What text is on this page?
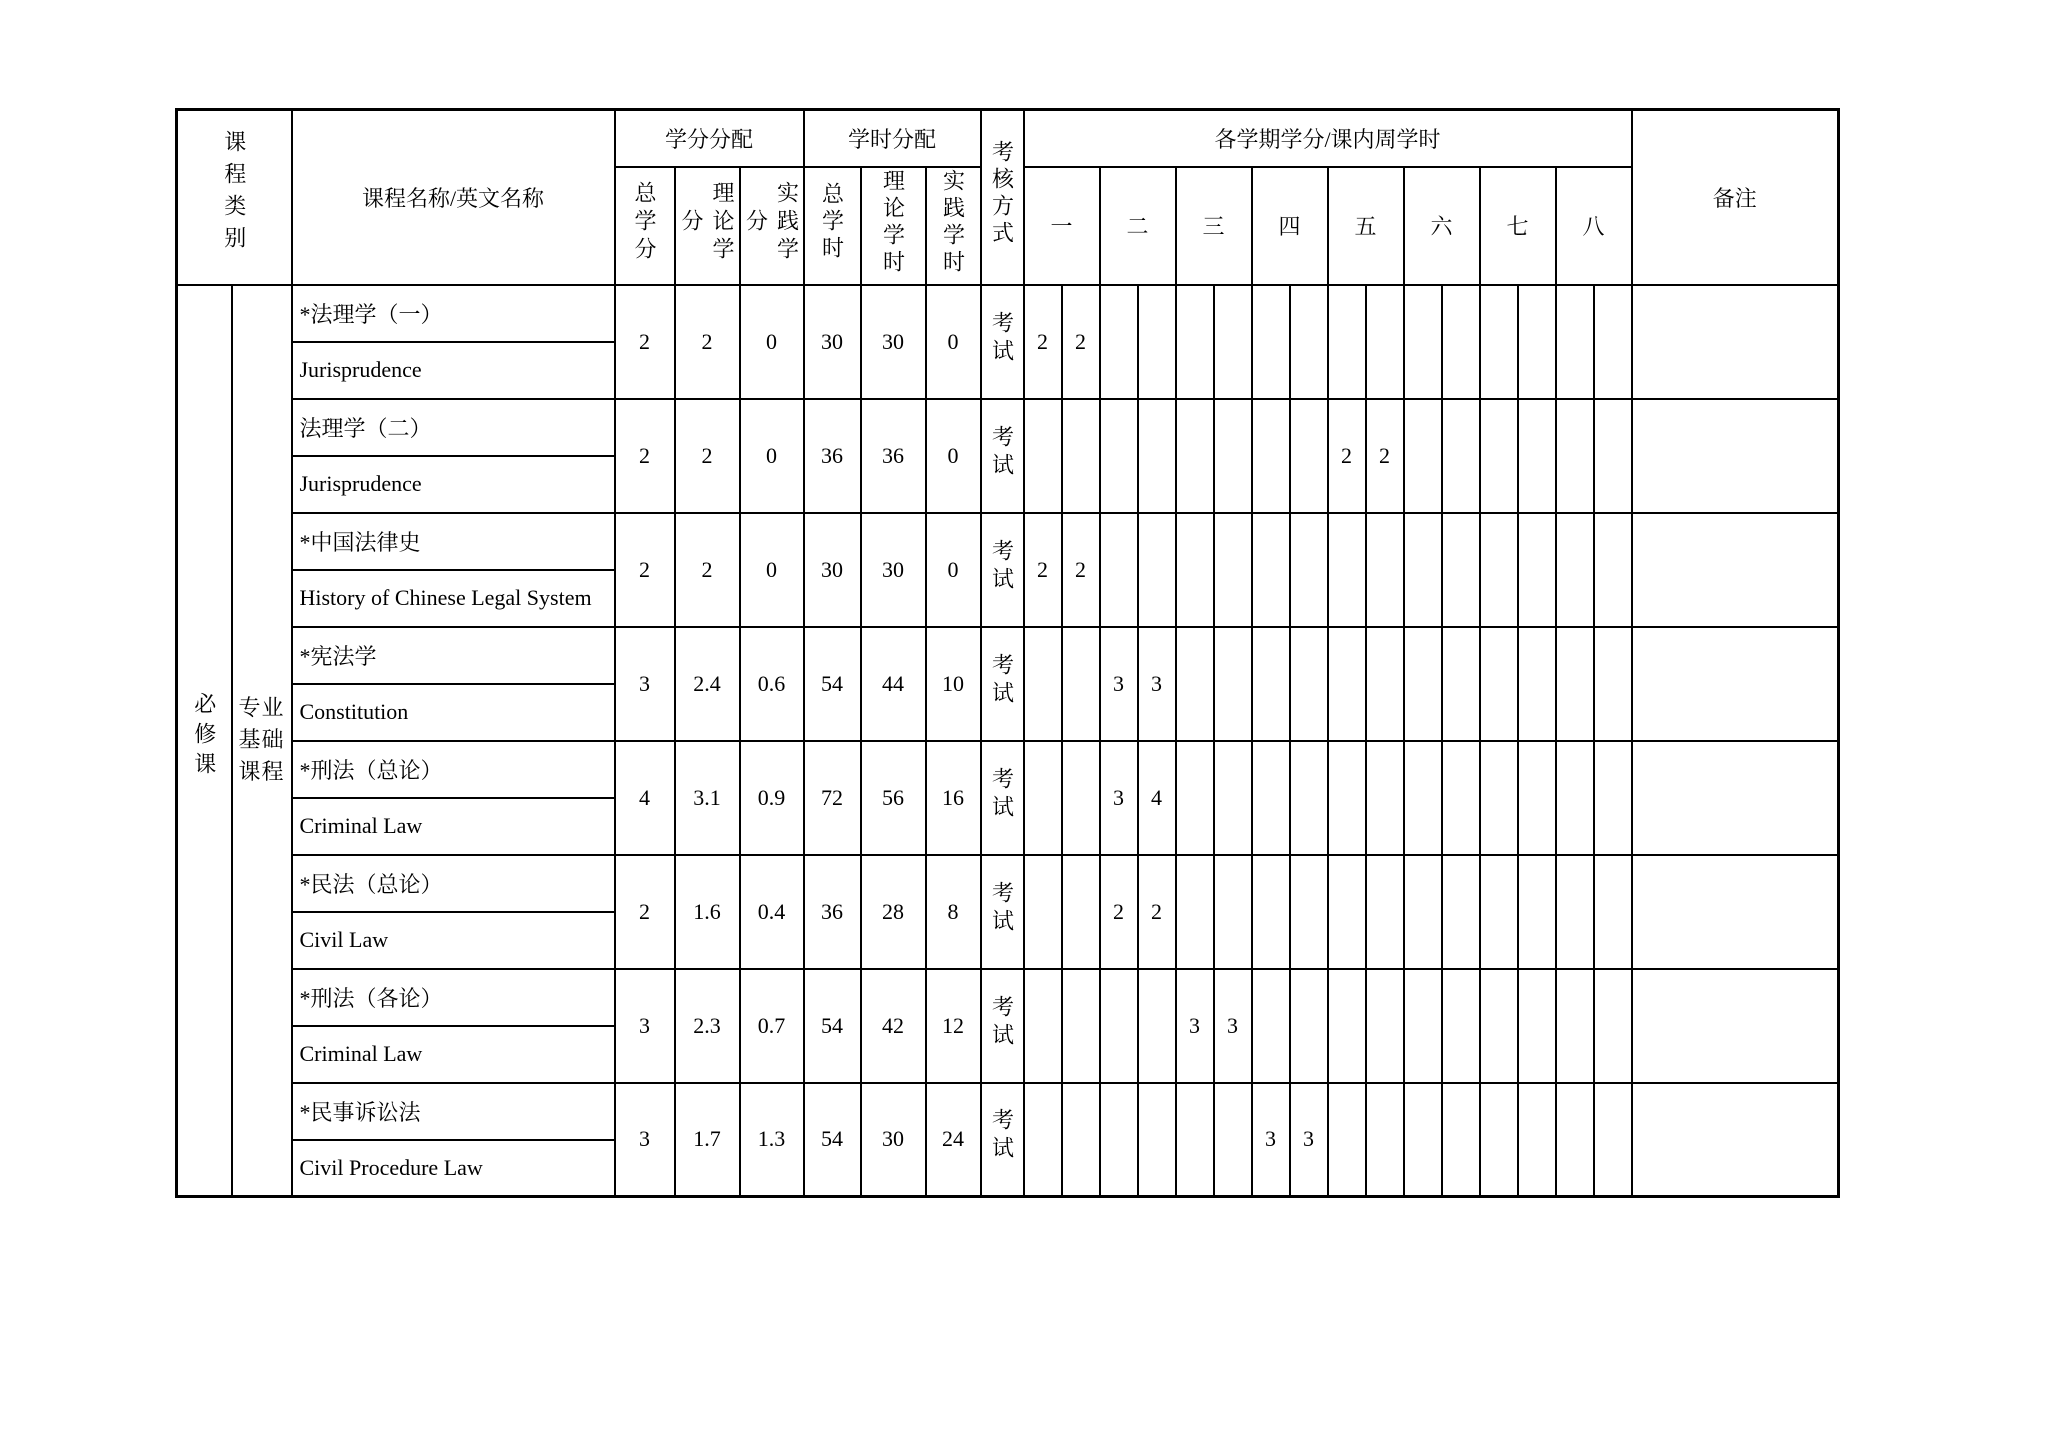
课程类别		课程名称/英文名称	学分分配			学时分配			考核方式	各学期学分/课内周学时																备注
			总学分	理论学分	实践学分	总学时	理论学时	实践学时		一		二		三		四		五		六		七		八		
必修课	专业基础课程	*法理学（一）	2	2	0	30	30	0	考试	2	2															
		Jurisprudence																								
		法理学（二）	2	2	0	36	36	0	考试									2	2							
		Jurisprudence																								
		*中国法律史	2	2	0	30	30	0	考试	2	2															
		History of Chinese Legal System																								
		*宪法学	3	2.4	0.6	54	44	10	考试			3	3													
		Constitution																								
		*刑法（总论）	4	3.1	0.9	72	56	16	考试			3	4													
		Criminal Law																								
		*民法（总论）	2	1.6	0.4	36	28	8	考试			2	2													
		Civil Law																								
		*刑法（各论）	3	2.3	0.7	54	42	12	考试					3	3											
		Criminal Law																								
		*民事诉讼法	3	1.7	1.3	54	30	24	考试							3	3									
		Civil Procedure Law																								
